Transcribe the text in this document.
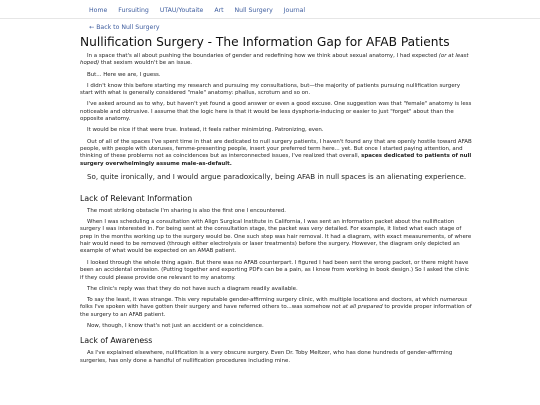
Home Fursuiting UTAU/Youtaite Art Null Surgery Journal
← Back to Null Surgery
Nullification Surgery - The Information Gap for AFAB Patients

In a space that's all about pushing the boundaries of gender and redefining how we think about sexual anatomy, I had expected (or at least hoped) that sexism wouldn't be an issue.

But... Here we are, I guess.

I didn't know this before starting my research and pursuing my consultations, but—the majority of patients pursuing nullification surgery start with what is generally considered "male" anatomy: phallus, scrotum and so on.

I've asked around as to why, but haven't yet found a good answer or even a good excuse. One suggestion was that "female" anatomy is less noticeable and obtrusive. I assume that the logic here is that it would be less dysphoria-inducing or easier to just "forget" about than the opposite anatomy.

It would be nice if that were true. Instead, it feels rather minimizing. Patronizing, even.

Out of all of the spaces I've spent time in that are dedicated to null surgery patients, I haven't found any that are openly hostile toward AFAB people, with people with uteruses, femme-presenting people, insert your preferred term here... yet. But once I started paying attention, and thinking of these problems not as coincidences but as interconnected issues, I've realized that overall, spaces dedicated to patients of null surgery overwhelmingly assume male-as-default.

So, quite ironically, and I would argue paradoxically, being AFAB in null spaces is an alienating experience.

Lack of Relevant Information

The most striking obstacle I'm sharing is also the first one I encountered.

When I was scheduling a consultation with Align Surgical Institute in California, I was sent an information packet about the nullification surgery I was interested in. For being sent at the consultation stage, the packet was very detailed. For example, it listed what each stage of prep in the months working up to the surgery would be. One such step was hair removal. It had a diagram, with exact measurements, of where hair would need to be removed (through either electrolysis or laser treatments) before the surgery. However, the diagram only depicted an example of what would be expected on an AMAB patient.

I looked through the whole thing again. But there was no AFAB counterpart. I figured I had been sent the wrong packet, or there might have been an accidental omission. (Putting together and exporting PDFs can be a pain, as I know from working in book design.) So I asked the clinic if they could please provide one relevant to my anatomy.

The clinic's reply was that they do not have such a diagram readily available.

To say the least, it was strange. This very reputable gender-affirming surgery clinic, with multiple locations and doctors, at which numerous folks I've spoken with have gotten their surgery and have referred others to...was somehow not at all prepared to provide proper information of the surgery to an AFAB patient.

Now, though, I know that's not just an accident or a coincidence.

Lack of Awareness

As I've explained elsewhere, nullification is a very obscure surgery. Even Dr. Toby Meltzer, who has done hundreds of gender-affirming surgeries, has only done a handful of nullification procedures including mine.
